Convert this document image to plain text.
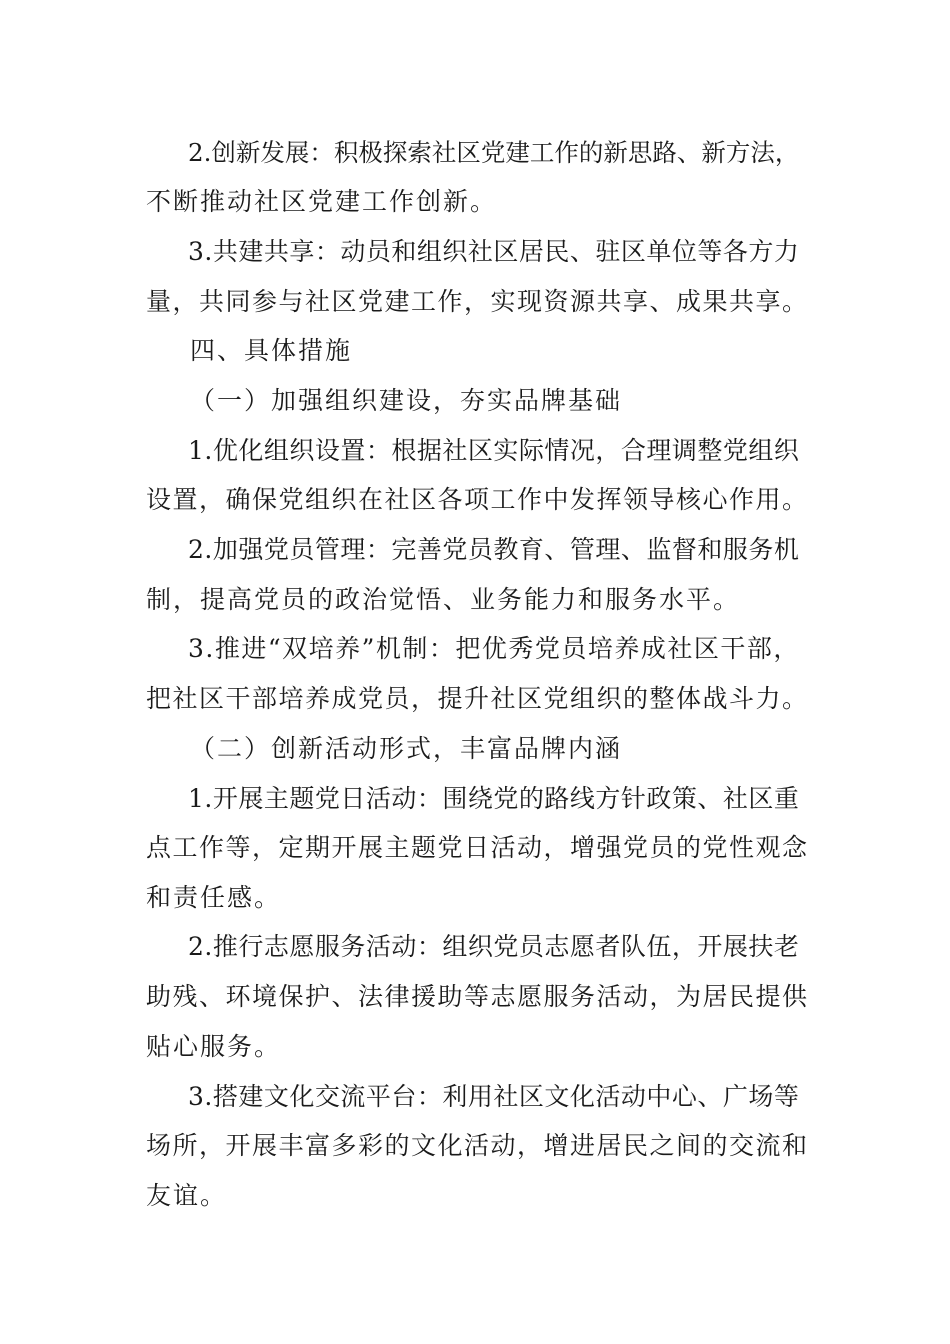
2.创新发展：积极探索社区党建工作的新思路、新方法，
不断推动社区党建工作创新。
3.共建共享：动员和组织社区居民、驻区单位等各方力
量，共同参与社区党建工作，实现资源共享、成果共享。
四、具体措施
（一）加强组织建设，夯实品牌基础
1.优化组织设置：根据社区实际情况，合理调整党组织
设置，确保党组织在社区各项工作中发挥领导核心作用。
2.加强党员管理：完善党员教育、管理、监督和服务机
制，提高党员的政治觉悟、业务能力和服务水平。
3.推进“双培养”机制：把优秀党员培养成社区干部，
把社区干部培养成党员，提升社区党组织的整体战斗力。
（二）创新活动形式，丰富品牌内涵
1.开展主题党日活动：围绕党的路线方针政策、社区重
点工作等，定期开展主题党日活动，增强党员的党性观念
和责任感。
2.推行志愿服务活动：组织党员志愿者队伍，开展扶老
助残、环境保护、法律援助等志愿服务活动，为居民提供
贴心服务。
3.搭建文化交流平台：利用社区文化活动中心、广场等
场所，开展丰富多彩的文化活动，增进居民之间的交流和
友谊。
